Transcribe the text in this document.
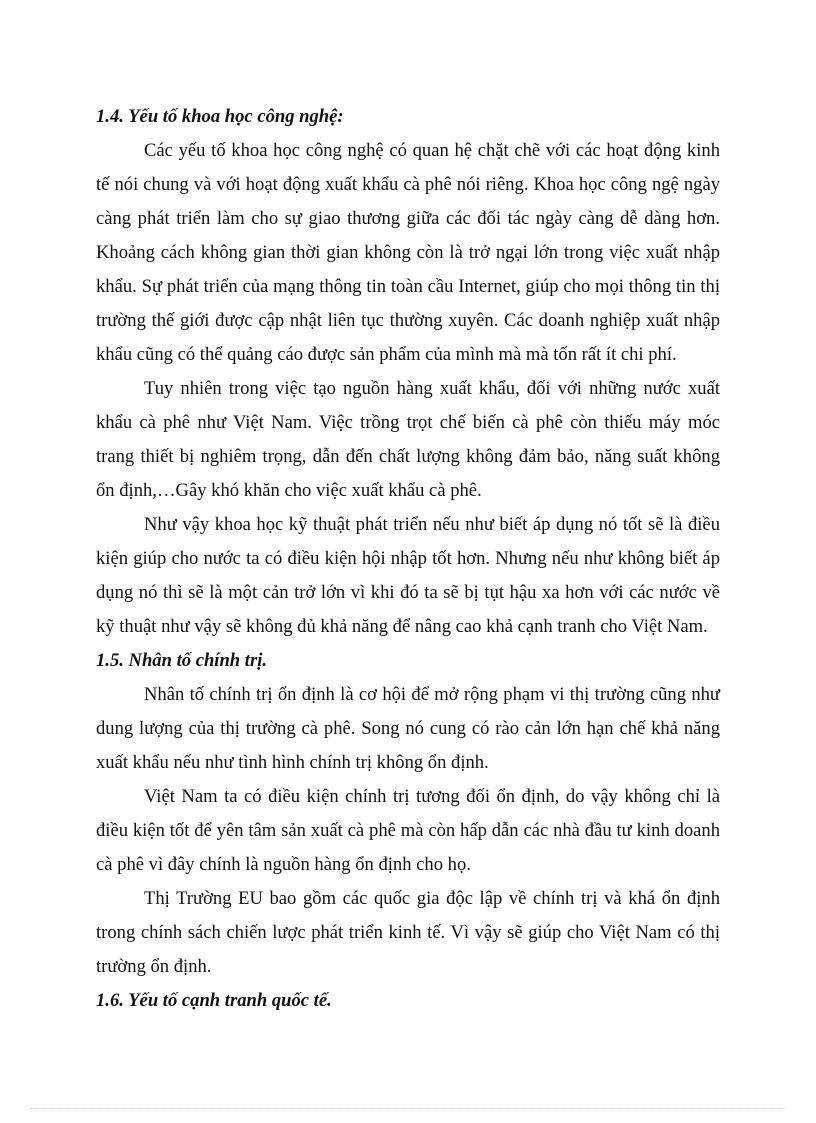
1.4. Yếu tố khoa học công nghệ:

Các yếu tố khoa học công nghệ có quan hệ chặt chẽ với các hoạt động kinh tế nói chung và với hoạt động xuất khẩu cà phê nói riêng. Khoa học công ngệ ngày càng phát triển làm cho sự giao thương giữa các đối tác ngày càng dễ dàng hơn. Khoảng cách không gian thời gian không còn là trở ngại lớn trong việc xuất nhập khẩu. Sự phát triển của mạng thông tin toàn cầu Internet, giúp cho mọi thông tin thị trường thế giới được cập nhật liên tục thường xuyên. Các doanh nghiệp xuất nhập khẩu cũng có thể quảng cáo được sản phẩm của mình mà mà tốn rất ít chi phí.

Tuy nhiên trong việc tạo nguồn hàng xuất khẩu, đối với những nước xuất khẩu cà phê như Việt Nam. Việc trồng trọt chế biến cà phê còn thiếu máy móc trang thiết bị nghiêm trọng, dẫn đến chất lượng không đảm bảo, năng suất không ổn định,…Gây khó khăn cho việc xuất khẩu cà phê.

Như vậy khoa học kỹ thuật phát triển nếu như biết áp dụng nó tốt sẽ là điều kiện giúp cho nước ta có điều kiện hội nhập tốt hơn. Nhưng nếu như không biết áp dụng nó thì sẽ là một cản trở lớn vì khi đó ta sẽ bị tụt hậu xa hơn với các nước về kỹ thuật như vậy sẽ không đủ khả năng để nâng cao khả cạnh tranh cho Việt Nam.

1.5. Nhân tố chính trị.

Nhân tố chính trị ổn định là cơ hội để mở rộng phạm vi thị trường cũng như dung lượng của thị trường cà phê. Song nó cung có rào cản lớn hạn chế khả năng xuất khẩu nếu như tình hình chính trị không ổn định.

Việt Nam ta có điều kiện chính trị tương đối ổn định, do vậy không chỉ là điều kiện tốt để yên tâm sản xuất cà phê mà còn hấp dẫn các nhà đầu tư kinh doanh cà phê vì đây chính là nguồn hàng ổn định cho họ.

Thị Trường EU bao gồm các quốc gia độc lập về chính trị và khá ổn định trong chính sách chiến lược phát triển kinh tế. Vì vậy sẽ giúp cho Việt Nam có thị trường ổn định.

1.6. Yếu tố cạnh tranh quốc tế.
